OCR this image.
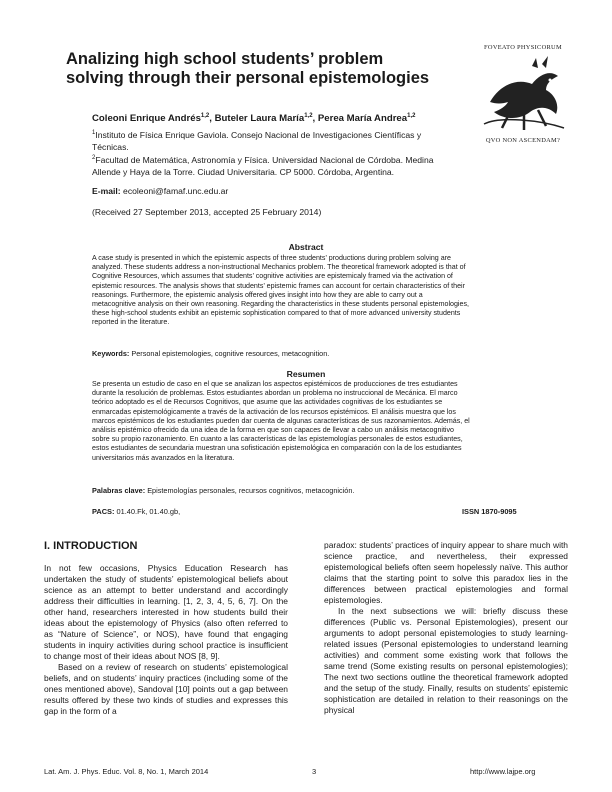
Analizing high school students’ problem solving through their personal epistemologies
FOVEATO PHYSICORUM
QVO NON ASCENDAM?
Coleoni Enrique Andrés$^{1,2}$, Buteler Laura María$^{1,2}$, Perea María Andrea$^{1,2}$
$^1$Instituto de Física Enrique Gaviola. Consejo Nacional de Investigaciones Científicas y
Técnicas.
$^2$Facultad de Matemática, Astronomía y Física. Universidad Nacional de Córdoba. Medina
Allende y Haya de la Torre. Ciudad Universitaria. CP 5000. Córdoba, Argentina.
E-mail: ecoleoni@famaf.unc.edu.ar
(Received 27 September 2013, accepted 25 February 2014)
Abstract
A case study is presented in which the epistemic aspects of three students’ productions during problem solving are
analyzed. These students address a non-instructional Mechanics problem. The theoretical framework adopted is that of
Cognitive Resources, which assumes that students’ cognitive activities are epistemicaly framed via the activation of
epistemic resources. The analysis shows that students’ epistemic frames can account for certain characteristics of their
reasonings. Furthermore, the epistemic analysis offered gives insight into how they are able to carry out a
metacognitive analysis on their own reasoning. Regarding the characteristics in these students personal epistemologies,
these high-school students exhibit an epistemic sophistication compared to that of more advanced university students
reported in the literature.
Keywords: Personal epistemologies, cognitive resources, metacognition.
Resumen
Se presenta un estudio de caso en el que se analizan los aspectos epistémicos de producciones de tres estudiantes
durante la resolución de problemas. Estos estudiantes abordan un problema no instruccional de Mecánica. El marco
teórico adoptado es el de Recursos Cognitivos, que asume que las actividades cognitivas de los estudiantes se
enmarcadas epistemológicamente a través de la activación de los recursos epistémicos. El análisis muestra que los
marcos epistémicos de los estudiantes pueden dar cuenta de algunas características de sus razonamientos. Además, el
análisis epistémico ofrecido da una idea de la forma en que son capaces de llevar a cabo un análisis metacognitivo
sobre su propio razonamiento. En cuanto a las características de las epistemologías personales de estos estudiantes,
estos estudiantes de secundaria muestran una sofisticación epistemológica en comparación con la de los estudiantes
universitarios más avanzados en la literatura.
Palabras clave: Epistemologías personales, recursos cognitivos, metacognición.
PACS: 01.40.Fk, 01.40.gb,	ISSN 1870-9095
I. INTRODUCTION

In not few occasions, Physics Education Research has undertaken the study of students’ epistemological beliefs about science as an attempt to better understand and accordingly address their difficulties in learning. [1, 2, 3, 4, 5, 6, 7]. On the other hand, researchers interested in how students build their ideas about the epistemology of Physics (also often referred to as “Nature of Science”, or NOS), have found that engaging students in inquiry activities during school practice is insufficient to change most of their ideas about NOS [8, 9].

Based on a review of research on students’ epistemological beliefs, and on students’ inquiry practices (including some of the ones mentioned above), Sandoval [10] points out a gap between results offered by these two kinds of studies and expresses this gap in the form of a

paradox: students’ practices of inquiry appear to share much with science practice, and nevertheless, their expressed epistemological beliefs often seem hopelessly naïve. This author claims that the starting point to solve this paradox lies in the differences between practical epistemologies and formal epistemologies.

In the next subsections we will: briefly discuss these differences (Public vs. Personal Epistemologies), present our arguments to adopt personal epistemologies to study learning-related issues (Personal epistemologies to understand learning activities) and comment some existing work that follows the same trend (Some existing results on personal epistemologies); The next two sections outline the theoretical framework adopted and the setup of the study. Finally, results on students’ epistemic sophistication are detailed in relation to their reasonings on the physical

Lat. Am. J. Phys. Educ. Vol. 8, No. 1, March 2014	3	http://www.lajpe.org
